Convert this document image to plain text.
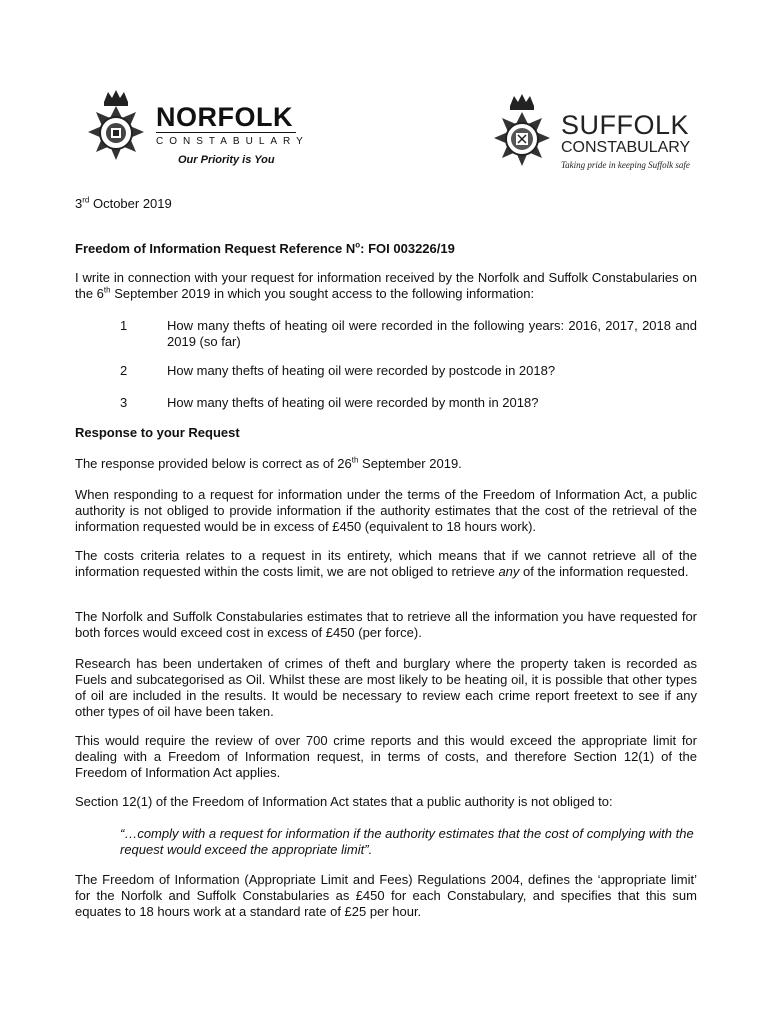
NORFOLK
CONSTABULARY
Our Priority is You
SUFFOLK
CONSTABULARY
Taking pride in keeping Suffolk safe
3rd October 2019
Freedom of Information Request Reference $N^o$: FOI 003226/19
I write in connection with your request for information received by the Norfolk and Suffolk Constabularies on the 6th September 2019 in which you sought access to the following information:
1	How many thefts of heating oil were recorded in the following years: 2016, 2017, 2018 and 2019 (so far)
2	How many thefts of heating oil were recorded by postcode in 2018?
3	How many thefts of heating oil were recorded by month in 2018?
Response to your Request
The response provided below is correct as of 26th September 2019.
When responding to a request for information under the terms of the Freedom of Information Act, a public authority is not obliged to provide information if the authority estimates that the cost of the retrieval of the information requested would be in excess of £450 (equivalent to 18 hours work).
The costs criteria relates to a request in its entirety, which means that if we cannot retrieve all of the information requested within the costs limit, we are not obliged to retrieve any of the information requested.
The Norfolk and Suffolk Constabularies estimates that to retrieve all the information you have requested for both forces would exceed cost in excess of £450 (per force).
Research has been undertaken of crimes of theft and burglary where the property taken is recorded as Fuels and subcategorised as Oil. Whilst these are most likely to be heating oil, it is possible that other types of oil are included in the results. It would be necessary to review each crime report freetext to see if any other types of oil have been taken.
This would require the review of over 700 crime reports and this would exceed the appropriate limit for dealing with a Freedom of Information request, in terms of costs, and therefore Section 12(1) of the Freedom of Information Act applies.
Section 12(1) of the Freedom of Information Act states that a public authority is not obliged to:
“…comply with a request for information if the authority estimates that the cost of complying with the request would exceed the appropriate limit”.
The Freedom of Information (Appropriate Limit and Fees) Regulations 2004, defines the ‘appropriate limit’ for the Norfolk and Suffolk Constabularies as £450 for each Constabulary, and specifies that this sum equates to 18 hours work at a standard rate of £25 per hour.
